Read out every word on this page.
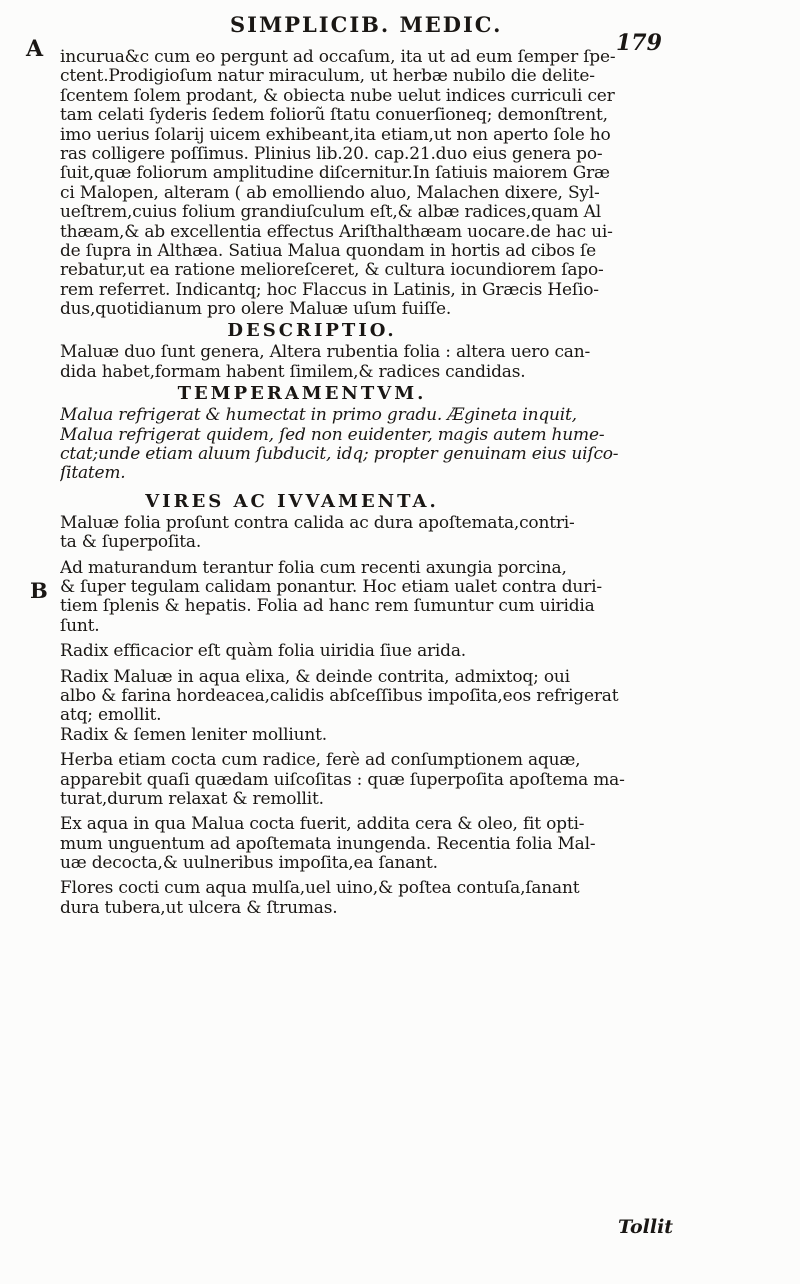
SIMPLICIB. MEDIC.
179
A
B
incurua&c cum eo pergunt ad occaſum, ita ut ad eum ſemper ſpe-
ctent.Prodigioſum natur miraculum, ut herbæ nubilo die delite-
ſcentem ſolem prodant, & obiecta nube uelut indices curriculi cer
tam celati ſyderis ſedem foliorũ ſtatu conuerſioneq; demonſtrent,
imo uerius ſolarij uicem exhibeant,ita etiam,ut non aperto ſole ho
ras colligere poſſimus. Plinius lib.20. cap.21.duo eius genera po-
ſuit,quæ foliorum amplitudine diſcernitur.In ſatiuis maiorem Græ
ci Malopen, alteram ( ab emolliendo aluo, Malachen dixere, Syl-
ueſtrem,cuius folium grandiuſculum eſt,& albæ radices,quam Al
thæam,& ab excellentia effectus Ariſthalthæam uocare.de hac ui-
de ſupra in Althæa. Satiua Malua quondam in hortis ad cibos ſe
rebatur,ut ea ratione melioreſceret, & cultura iocundiorem ſapo-
rem referret. Indicantq; hoc Flaccus in Latinis, in Græcis Heſio-
dus,quotidianum pro olere Maluæ uſum fuiſſe.
DESCRIPTIO.
Maluæ duo ſunt genera, Altera rubentia folia : altera uero can-
dida habet,formam habent ſimilem,& radices candidas.
TEMPERAMENTVM.
Malua refrigerat & humectat in primo gradu. Ægineta inquit,
Malua refrigerat quidem, ſed non euidenter, magis autem hume-
ctat;unde etiam aluum ſubducit, idq; propter genuinam eius uiſco-
ſitatem.
VIRES AC IVVAMENTA.
Maluæ folia proſunt contra calida ac dura apoſtemata,contri-
ta & ſuperpoſita.
Ad maturandum terantur folia cum recenti axungia porcina,
& ſuper tegulam calidam ponantur. Hoc etiam ualet contra duri-
tiem ſplenis & hepatis. Folia ad hanc rem ſumuntur cum uiridia
ſunt.
Radix efficacior eſt quàm folia uiridia ſiue arida.
Radix Maluæ in aqua elixa, & deinde contrita, admixtoq; oui
albo & farina hordeacea,calidis abſceſſibus impoſita,eos refrigerat
atq; emollit.
Radix & ſemen leniter molliunt.
Herba etiam cocta cum radice, ferè ad conſumptionem aquæ,
apparebit quaſi quædam uiſcoſitas : quæ ſuperpoſita apoſtema ma-
turat,durum relaxat & remollit.
Ex aqua in qua Malua cocta fuerit, addita cera & oleo, fit opti-
mum unguentum ad apoſtemata inungenda. Recentia folia Mal-
uæ decocta,& uulneribus impoſita,ea ſanant.
Flores cocti cum aqua mulſa,uel uino,& poſtea contuſa,ſanant
dura tubera,ut ulcera & ſtrumas.
Tollit
